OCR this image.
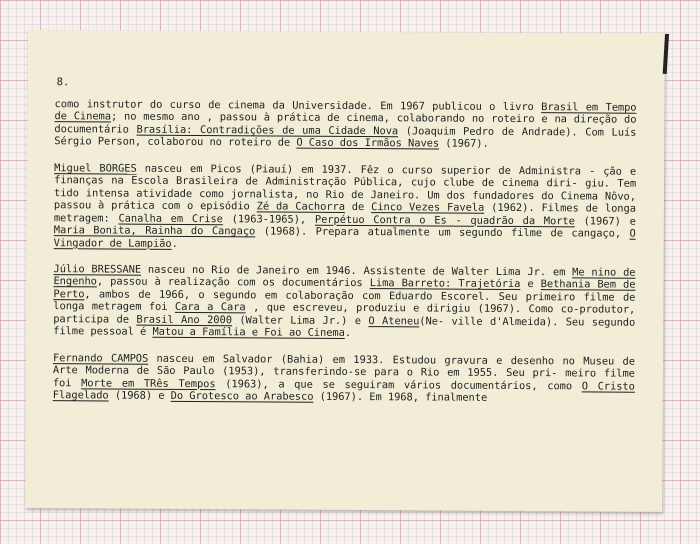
8.

como instrutor do curso de cinema da Universidade. Em 1967 publicou o livro Brasil em Tempo de Cinema; no mesmo ano , passou à prática de cinema, colaborando no roteiro e na direção do documentário Brasília: Contradições de uma Cidade Nova (Joaquim Pedro de Andrade). Com Luís Sérgio Person, colaborou no roteiro de O Caso dos Irmãos Naves (1967).

Miguel BORGES nasceu em Picos (Piauí) em 1937. Fêz o curso superior de Administra - ção e finanças na Escola Brasileira de Administração Pública, cujo clube de cinema diri- giu. Tem tido intensa atividade como jornalista, no Rio de Janeiro. Um dos fundadores do Cinema Nôvo, passou à prática com o episódio Zé da Cachorra de Cinco Vezes Favela (1962). Filmes de longa metragem: Canalha em Crise (1963-1965), Perpétuo Contra o Es - quadrão da Morte (1967) e Maria Bonita, Rainha do Cangaço (1968). Prepara atualmente um segundo filme de cangaço, O Vingador de Lampião.

Júlio BRESSANE nasceu no Rio de Janeiro em 1946. Assistente de Walter Lima Jr. em Me nino de Engenho, passou à realização com os documentários Lima Barreto: Trajetória e Bethania Bem de Perto, ambos de 1966, o segundo em colaboração com Eduardo Escorel. Seu primeiro filme de longa metragem foi Cara a Cara , que escreveu, produziu e dirigiu (1967). Como co-produtor, participa de Brasil Ano 2000 (Walter Lima Jr.) e O Ateneu(Ne- ville d'Almeida). Seu segundo filme pessoal é Matou a Família e Foi ao Cinema.

Fernando CAMPOS nasceu em Salvador (Bahia) em 1933. Estudou gravura e desenho no Museu de Arte Moderna de São Paulo (1953), transferindo-se para o Rio em 1955. Seu pri- meiro filme foi Morte em TRês Tempos (1963), a que se seguiram vários documentários, como O Cristo Flagelado (1968) e Do Grotesco ao Arabesco (1967). Em 1968, finalmente
